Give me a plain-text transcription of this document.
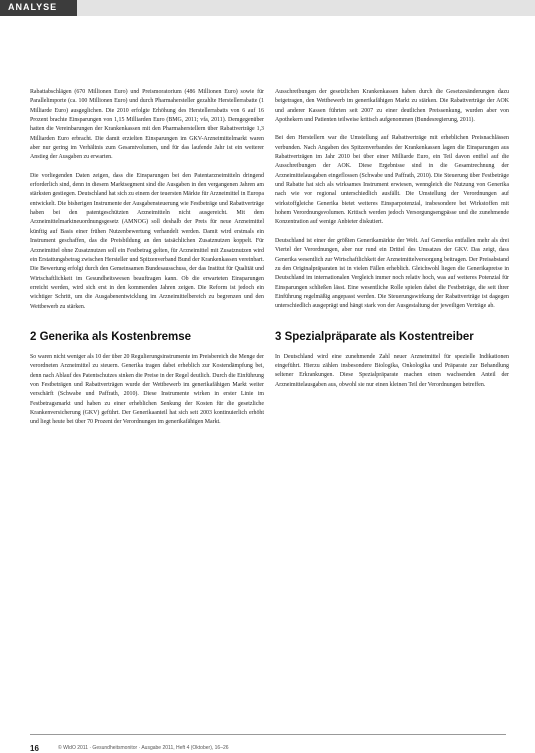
ANALYSE

Rabattabschlägen (670 Millionen Euro) und Preismoratorium (486 Millionen Euro) sowie für Parallelimporte (ca. 100 Millionen Euro) und durch Pharmahersteller gezahlte Herstellerrabatte (1 Milliarde Euro) ausgeglichen. Die 2010 erfolgte Erhöhung des Herstellerrabatts von 6 auf 16 Prozent brachte Einsparungen von 1,15 Milliarden Euro (BMG, 2011; vfa, 2011). Demgegenüber hatten die Vereinbarungen der Krankenkassen mit den Pharmaherstellern über Rabattverträge 1,3 Milliarden Euro erbracht. Die damit erzielten Einsparungen im GKV-Arzneimittelmarkt waren aber nur gering im Verhältnis zum Gesamtvolumen, und für das laufende Jahr ist ein weiterer Anstieg der Ausgaben zu erwarten.

Die vorliegenden Daten zeigen, dass die Einsparungen bei den Patentarzneimitteln dringend erforderlich sind, denn in diesem Marktsegment sind die Ausgaben in den vergangenen Jahren am stärksten gestiegen. Deutschland hat sich zu einem der teuersten Märkte für Arzneimittel in Europa entwickelt. Die bisherigen Instrumente der Ausgabensteuerung wie Festbeträge und Rabattverträge haben bei den patentgeschützten Arzneimitteln nicht ausgereicht. Mit dem Arzneimittelmarktneuordnungsgesetz (AMNOG) soll deshalb der Preis für neue Arzneimittel künftig auf Basis einer frühen Nutzenbewertung verhandelt werden. Damit wird erstmals ein Instrument geschaffen, das die Preisbildung an den tatsächlichen Zusatznutzen koppelt. Für Arzneimittel ohne Zusatznutzen soll ein Festbetrag gelten, für Arzneimittel mit Zusatznutzen wird ein Erstattungsbetrag zwischen Hersteller und Spitzenverband Bund der Krankenkassen vereinbart. Die Bewertung erfolgt durch den Gemeinsamen Bundesausschuss, der das Institut für Qualität und Wirtschaftlichkeit im Gesundheitswesen beauftragen kann. Ob die erwarteten Einsparungen erreicht werden, wird sich erst in den kommenden Jahren zeigen. Die Reform ist jedoch ein wichtiger Schritt, um die Ausgabenentwicklung im Arzneimittelbereich zu begrenzen und den Wettbewerb zu stärken.

2 Generika als Kostenbremse

So waren nicht weniger als 10 der über 20 Regulierungsinstrumente im Preisbereich die Menge der verordneten Arzneimittel zu steuern. Generika tragen dabei erheblich zur Kostendämpfung bei, denn nach Ablauf des Patentschutzes sinken die Preise in der Regel deutlich. Durch die Einführung von Festbeträgen und Rabattverträgen wurde der Wettbewerb im generikafähigen Markt weiter verschärft (Schwabe und Paffrath, 2010). Diese Instrumente wirken in erster Linie im Festbetragsmarkt und haben zu einer erheblichen Senkung der Kosten für die gesetzliche Krankenversicherung (GKV) geführt. Der Generikaanteil hat sich seit 2003 kontinuierlich erhöht und liegt heute bei über 70 Prozent der Verordnungen im generikafähigen Markt.

Ausschreibungen der gesetzlichen Krankenkassen haben durch die Gesetzesänderungen dazu beigetragen, den Wettbewerb im generikafähigen Markt zu stärken. Die Rabattverträge der AOK und anderer Kassen führten seit 2007 zu einer deutlichen Preissenkung, wurden aber von Apothekern und Patienten teilweise kritisch aufgenommen (Bundesregierung, 2011).

Bei den Herstellern war die Umstellung auf Rabattverträge mit erheblichen Preisnachlässen verbunden. Nach Angaben des Spitzenverbandes der Krankenkassen lagen die Einsparungen aus Rabattverträgen im Jahr 2010 bei über einer Milliarde Euro, ein Teil davon entfiel auf die Ausschreibungen der AOK. Diese Ergebnisse sind in die Gesamtrechnung der Arzneimittelausgaben eingeflossen (Schwabe und Paffrath, 2010). Die Steuerung über Festbeträge und Rabatte hat sich als wirksames Instrument erwiesen, wenngleich die Nutzung von Generika nach wie vor regional unterschiedlich ausfällt. Die Umstellung der Verordnungen auf wirkstoffgleiche Generika bietet weiteres Einsparpotenzial, insbesondere bei Wirkstoffen mit hohem Verordnungsvolumen. Kritisch werden jedoch Versorgungsengpässe und die zunehmende Konzentration auf wenige Anbieter diskutiert.

Deutschland ist einer der größten Generikamärkte der Welt. Auf Generika entfallen mehr als drei Viertel der Verordnungen, aber nur rund ein Drittel des Umsatzes der GKV. Das zeigt, dass Generika wesentlich zur Wirtschaftlichkeit der Arzneimittelversorgung beitragen. Der Preisabstand zu den Originalpräparaten ist in vielen Fällen erheblich. Gleichwohl liegen die Generikapreise in Deutschland im internationalen Vergleich immer noch relativ hoch, was auf weiteres Potenzial für Einsparungen schließen lässt. Eine wesentliche Rolle spielen dabei die Festbeträge, die seit ihrer Einführung regelmäßig angepasst werden. Die Steuerungswirkung der Rabattverträge ist dagegen unterschiedlich ausgeprägt und hängt stark von der Ausgestaltung der jeweiligen Verträge ab.

3 Spezialpräparate als Kostentreiber

In Deutschland wird eine zunehmende Zahl neuer Arzneimittel für spezielle Indikationen eingeführt. Hierzu zählen insbesondere Biologika, Onkologika und Präparate zur Behandlung seltener Erkrankungen. Diese Spezialpräparate machen einen wachsenden Anteil der Arzneimittelausgaben aus, obwohl sie nur einen kleinen Teil der Verordnungen betreffen.

16	© WIdO 2011 · Gesundheitsmonitor · Ausgabe 2011, Heft 4 (Oktober), 16–26
